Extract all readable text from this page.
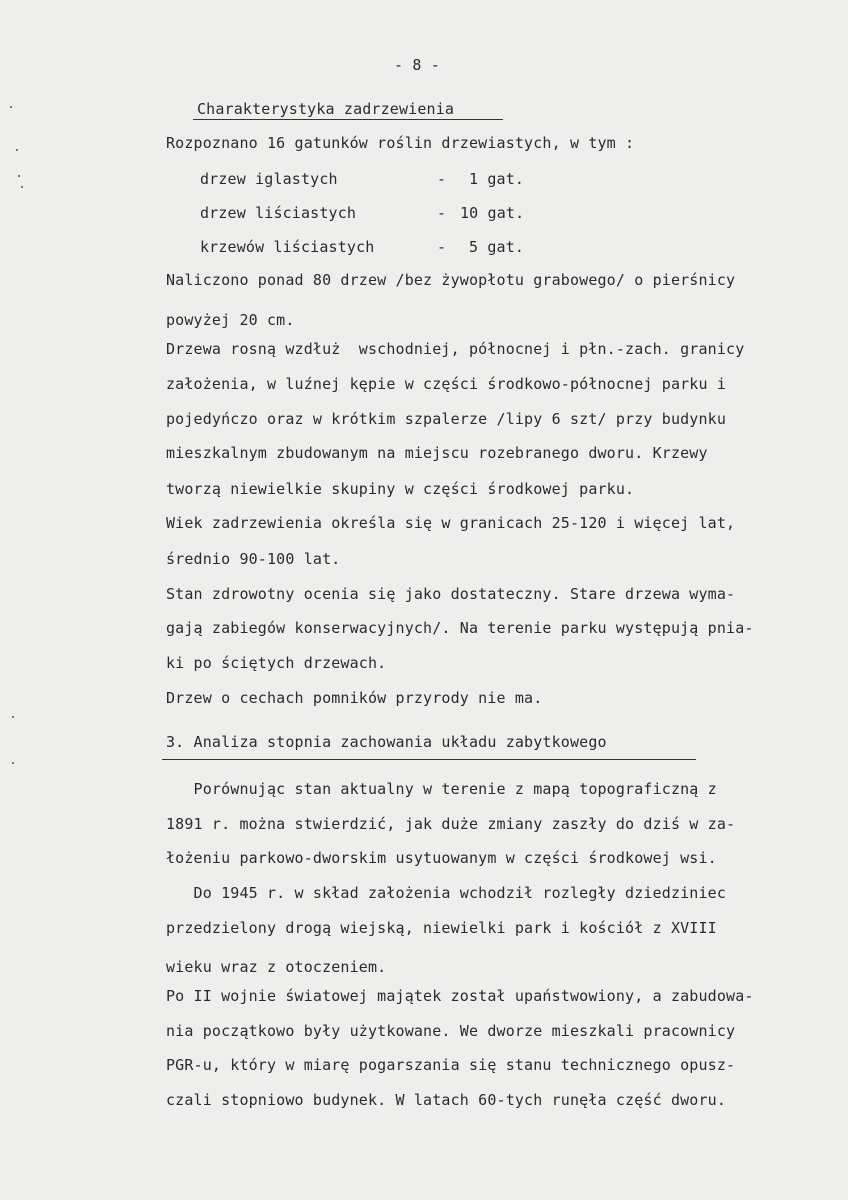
- 8 -
Charakterystyka zadrzewienia
Rozpoznano 16 gatunków roślin drzewiastych, w tym :
drzew iglastych	- 1 gat.
drzew liściastych	- 10 gat.
krzewów liściastych	- 5 gat.
Naliczono ponad 80 drzew /bez żywopłotu grabowego/ o pierśnicy
powyżej 20 cm.
Drzewa rosną wzdłuż  wschodniej, północnej i płn.-zach. granicy
założenia, w luźnej kępie w części środkowo-północnej parku i
pojedyńczo oraz w krótkim szpalerze /lipy 6 szt/ przy budynku
mieszkalnym zbudowanym na miejscu rozebranego dworu. Krzewy
tworzą niewielkie skupiny w części środkowej parku.
Wiek zadrzewienia określa się w granicach 25-120 i więcej lat,
średnio 90-100 lat.
Stan zdrowotny ocenia się jako dostateczny. Stare drzewa wyma-
gają zabiegów konserwacyjnych/. Na terenie parku występują pnia-
ki po ściętych drzewach.
Drzew o cechach pomników przyrody nie ma.
3. Analiza stopnia zachowania układu zabytkowego
Porównując stan aktualny w terenie z mapą topograficzną z
1891 r. można stwierdzić, jak duże zmiany zaszły do dziś w za-
łożeniu parkowo-dworskim usytuowanym w części środkowej wsi.
Do 1945 r. w skład założenia wchodził rozległy dziedziniec
przedzielony drogą wiejską, niewielki park i kościół z XVIII
wieku wraz z otoczeniem.
Po II wojnie światowej majątek został upaństwowiony, a zabudowa-
nia początkowo były użytkowane. We dworze mieszkali pracownicy
PGR-u, który w miarę pogarszania się stanu technicznego opusz-
czali stopniowo budynek. W latach 60-tych runęła część dworu.
